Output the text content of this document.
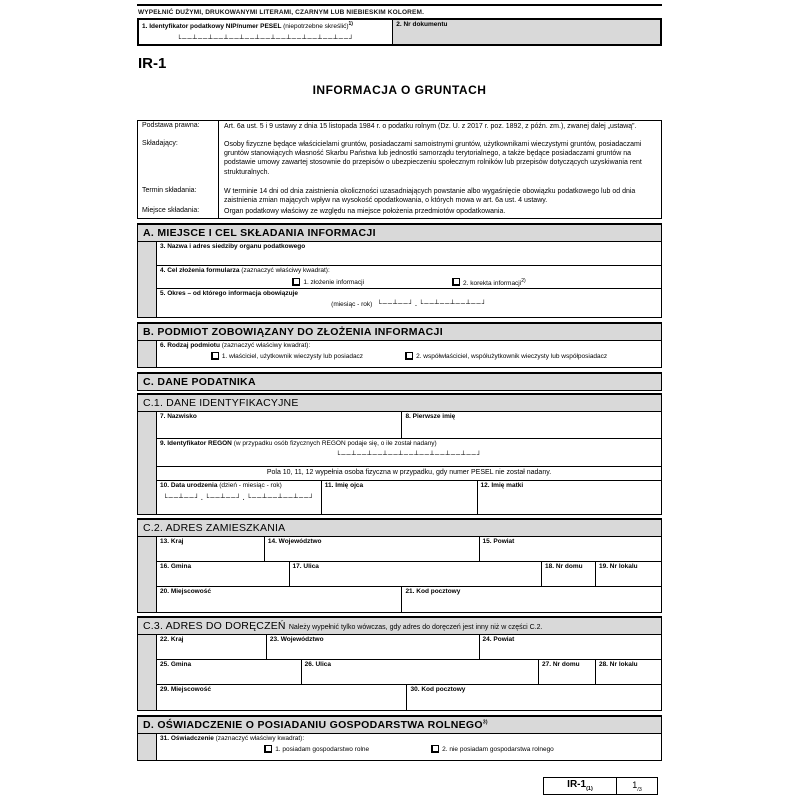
WYPEŁNIĆ DUŻYMI, DRUKOWANYMI LITERAMI, CZARNYM LUB NIEBIESKIM KOLOREM.
1. Identyfikator podatkowy NIP/numer PESEL (niepotrzebne skreślić)$^{1)}$
└──┴──┴──┴──┴──┴──┴──┴──┴──┴──┴──┘
2. Nr dokumentu
IR-1
INFORMACJA O GRUNTACH
Podstawa prawna:	Art. 6a ust. 5 i 9 ustawy z dnia 15 listopada 1984 r. o podatku rolnym (Dz. U. z 2017 r. poz. 1892, z późn. zm.), zwanej dalej „ustawą”.
Składający:	Osoby fizyczne będące właścicielami gruntów, posiadaczami samoistnymi gruntów, użytkownikami wieczystymi gruntów, posiadaczami gruntów stanowiących własność Skarbu Państwa lub jednostki samorządu terytorialnego, a także będące posiadaczami gruntów na podstawie umowy zawartej stosownie do przepisów o ubezpieczeniu społecznym rolników lub przepisów dotyczących uzyskiwania rent strukturalnych.
Termin składania:	W terminie 14 dni od dnia zaistnienia okoliczności uzasadniających powstanie albo wygaśnięcie obowiązku podatkowego lub od dnia zaistnienia zmian mających wpływ na wysokość opodatkowania, o których mowa w art. 6a ust. 4 ustawy.
Miejsce składania:	Organ podatkowy właściwy ze względu na miejsce położenia przedmiotów opodatkowania.
A. MIEJSCE I CEL SKŁADANIA INFORMACJI
3. Nazwa i adres siedziby organu podatkowego
4. Cel złożenia formularza (zaznaczyć właściwy kwadrat):
1. złożenie informacji	2. korekta informacji$^{2)}$
5. Okres – od którego informacja obowiązuje
(miesiąc - rok) └──┴──┘.└──┴──┴──┴──┘
B. PODMIOT ZOBOWIĄZANY DO ZŁOŻENIA INFORMACJI
6. Rodzaj podmiotu (zaznaczyć właściwy kwadrat):
1. właściciel, użytkownik wieczysty lub posiadacz	2. współwłaściciel, współużytkownik wieczysty lub współposiadacz
C. DANE PODATNIKA
C.1. DANE IDENTYFIKACYJNE
7. Nazwisko	8. Pierwsze imię
9. Identyfikator REGON (w przypadku osób fizycznych REGON podaje się, o ile został nadany)
└──┴──┴──┴──┴──┴──┴──┴──┴──┘
Pola 10, 11, 12 wypełnia osoba fizyczna w przypadku, gdy numer PESEL nie został nadany.
10. Data urodzenia (dzień - miesiąc - rok)
└──┴──┘.└──┴──┘.└──┴──┴──┴──┘
11. Imię ojca	12. Imię matki
C.2. ADRES ZAMIESZKANIA
13. Kraj	14. Województwo	15. Powiat
16. Gmina	17. Ulica	18. Nr domu	19. Nr lokalu
20. Miejscowość	21. Kod pocztowy
C.3. ADRES DO DORĘCZEŃ Należy wypełnić tylko wówczas, gdy adres do doręczeń jest inny niż w części C.2.
22. Kraj	23. Województwo	24. Powiat
25. Gmina	26. Ulica	27. Nr domu	28. Nr lokalu
29. Miejscowość	30. Kod pocztowy
D. OŚWIADCZENIE O POSIADANIU GOSPODARSTWA ROLNEGO$^{3)}$
31. Oświadczenie (zaznaczyć właściwy kwadrat):
1. posiadam gospodarstwo rolne	2. nie posiadam gospodarstwa rolnego
$IR-1_{(1)}$	$1_{/3}$
